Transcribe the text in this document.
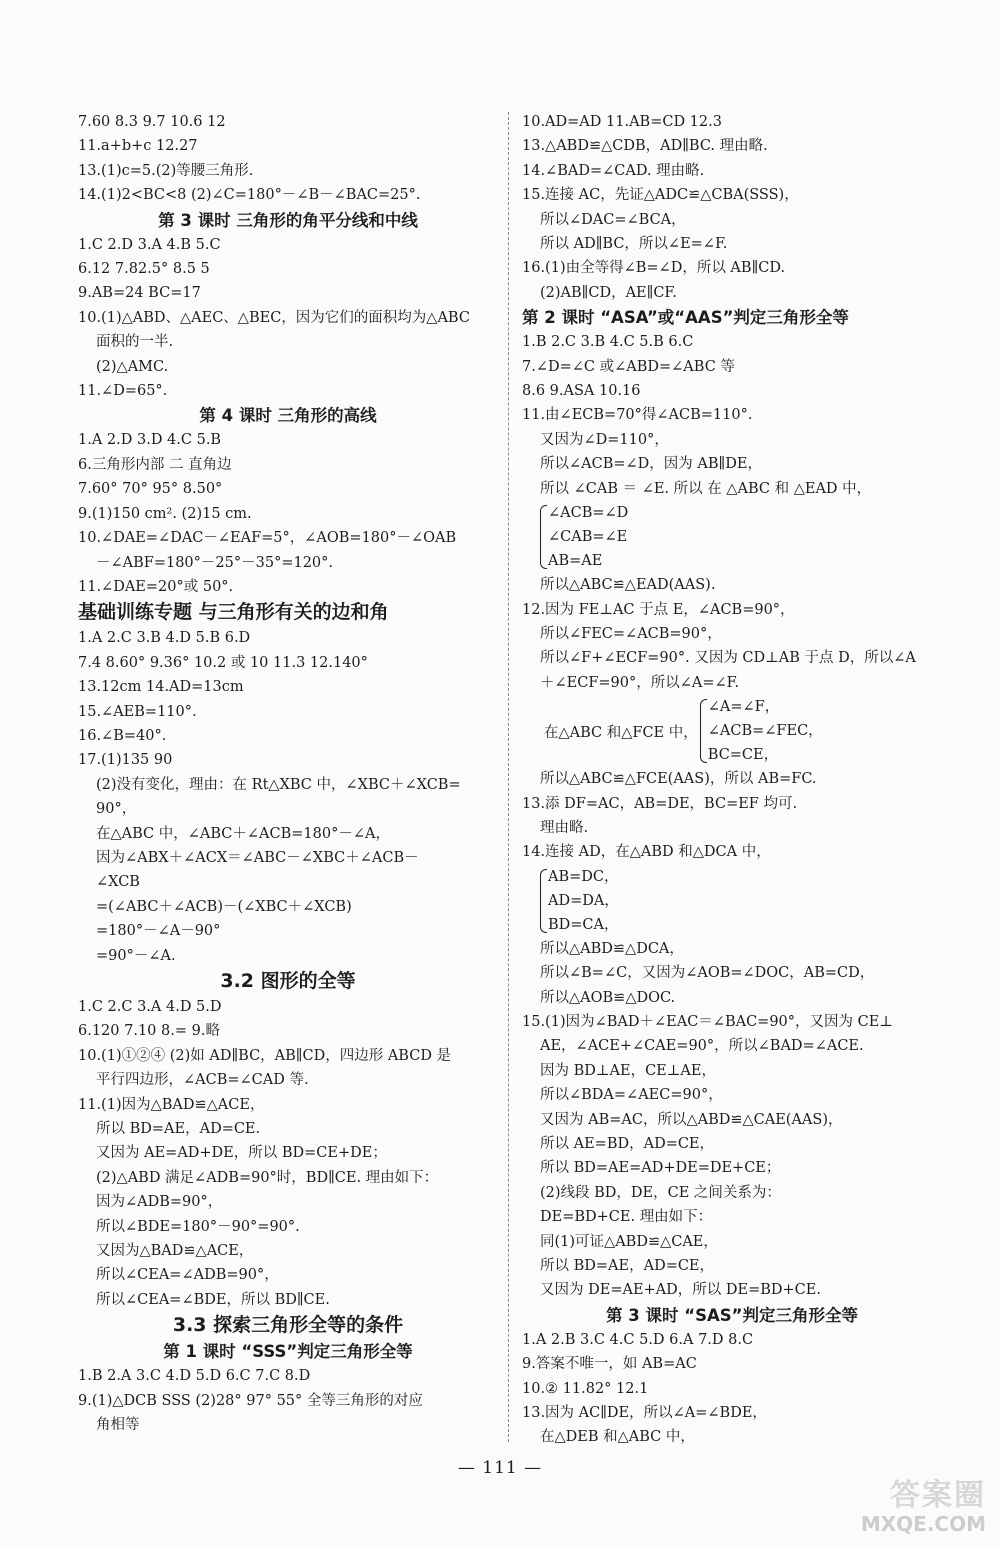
7.60 8.3 9.7 10.6 12
11.a+b+c 12.27
13.(1)c=5.(2)等腰三角形.
14.(1)2<BC<8 (2)∠C=180°－∠B－∠BAC=25°.
第 3 课时 三角形的角平分线和中线
1.C 2.D 3.A 4.B 5.C
6.12 7.82.5° 8.5 5
9.AB=24 BC=17
10.(1)△ABD、△AEC、△BEC，因为它们的面积均为△ABC
面积的一半.
(2)△AMC.
11.∠D=65°.
第 4 课时 三角形的高线
1.A 2.D 3.D 4.C 5.B
6.三角形内部 二 直角边
7.60° 70° 95° 8.50°
9.(1)150 cm². (2)15 cm.
10.∠DAE=∠DAC－∠EAF=5°，∠AOB=180°－∠OAB
－∠ABF=180°－25°－35°=120°.
11.∠DAE=20°或 50°.
基础训练专题 与三角形有关的边和角
1.A 2.C 3.B 4.D 5.B 6.D
7.4 8.60° 9.36° 10.2 或 10 11.3 12.140°
13.12cm 14.AD=13cm
15.∠AEB=110°.
16.∠B=40°.
17.(1)135 90
(2)没有变化，理由：在 Rt△XBC 中，∠XBC＋∠XCB=
90°，
在△ABC 中，∠ABC＋∠ACB=180°－∠A，
因为∠ABX＋∠ACX＝∠ABC－∠XBC＋∠ACB－
∠XCB
=(∠ABC＋∠ACB)－(∠XBC＋∠XCB)
=180°－∠A－90°
=90°－∠A.
3.2 图形的全等
1.C 2.C 3.A 4.D 5.D
6.120 7.10 8.= 9.略
10.(1)①②④ (2)如 AD∥BC，AB∥CD，四边形 ABCD 是
平行四边形，∠ACB=∠CAD 等.
11.(1)因为△BAD≌△ACE，
所以 BD=AE，AD=CE.
又因为 AE=AD+DE，所以 BD=CE+DE；
(2)△ABD 满足∠ADB=90°时，BD∥CE. 理由如下：
因为∠ADB=90°，
所以∠BDE=180°－90°=90°.
又因为△BAD≌△ACE，
所以∠CEA=∠ADB=90°，
所以∠CEA=∠BDE，所以 BD∥CE.
3.3 探索三角形全等的条件
第 1 课时 “SSS”判定三角形全等
1.B 2.A 3.C 4.D 5.D 6.C 7.C 8.D
9.(1)△DCB SSS (2)28° 97° 55° 全等三角形的对应
角相等
10.AD=AD 11.AB=CD 12.3
13.△ABD≌△CDB，AD∥BC. 理由略.
14.∠BAD=∠CAD. 理由略.
15.连接 AC，先证△ADC≌△CBA(SSS)，
所以∠DAC=∠BCA，
所以 AD∥BC，所以∠E=∠F.
16.(1)由全等得∠B=∠D，所以 AB∥CD.
(2)AB∥CD，AE∥CF.
第 2 课时 “ASA”或“AAS”判定三角形全等
1.B 2.C 3.B 4.C 5.B 6.C
7.∠D=∠C 或∠ABD=∠ABC 等
8.6 9.ASA 10.16
11.由∠ECB=70°得∠ACB=110°.
又因为∠D=110°，
所以∠ACB=∠D，因为 AB∥DE，
所以 ∠CAB ＝ ∠E. 所以 在 △ABC 和 △EAD 中，
∠ACB=∠D
∠CAB=∠E
AB=AE
所以△ABC≌△EAD(AAS).
12.因为 FE⊥AC 于点 E，∠ACB=90°，
所以∠FEC=∠ACB=90°，
所以∠F+∠ECF=90°. 又因为 CD⊥AB 于点 D，所以∠A
＋∠ECF=90°，所以∠A=∠F.
在△ABC 和△FCE 中，
∠A=∠F，
∠ACB=∠FEC，
BC=CE，
所以△ABC≌△FCE(AAS)，所以 AB=FC.
13.添 DF=AC，AB=DE，BC=EF 均可.
理由略.
14.连接 AD，在△ABD 和△DCA 中，
AB=DC，
AD=DA，
BD=CA，
所以△ABD≌△DCA，
所以∠B=∠C，又因为∠AOB=∠DOC，AB=CD，
所以△AOB≌△DOC.
15.(1)因为∠BAD＋∠EAC＝∠BAC=90°，又因为 CE⊥
AE，∠ACE+∠CAE=90°，所以∠BAD=∠ACE.
因为 BD⊥AE，CE⊥AE，
所以∠BDA=∠AEC=90°，
又因为 AB=AC，所以△ABD≌△CAE(AAS)，
所以 AE=BD，AD=CE，
所以 BD=AE=AD+DE=DE+CE；
(2)线段 BD，DE，CE 之间关系为：
DE=BD+CE. 理由如下：
同(1)可证△ABD≌△CAE，
所以 BD=AE，AD=CE，
又因为 DE=AE+AD，所以 DE=BD+CE.
第 3 课时 “SAS”判定三角形全等
1.A 2.B 3.C 4.C 5.D 6.A 7.D 8.C
9.答案不唯一，如 AB=AC
10.② 11.82° 12.1
13.因为 AC∥DE，所以∠A=∠BDE，
在△DEB 和△ABC 中，
— 111 —
答案圈
MXQE.COM
